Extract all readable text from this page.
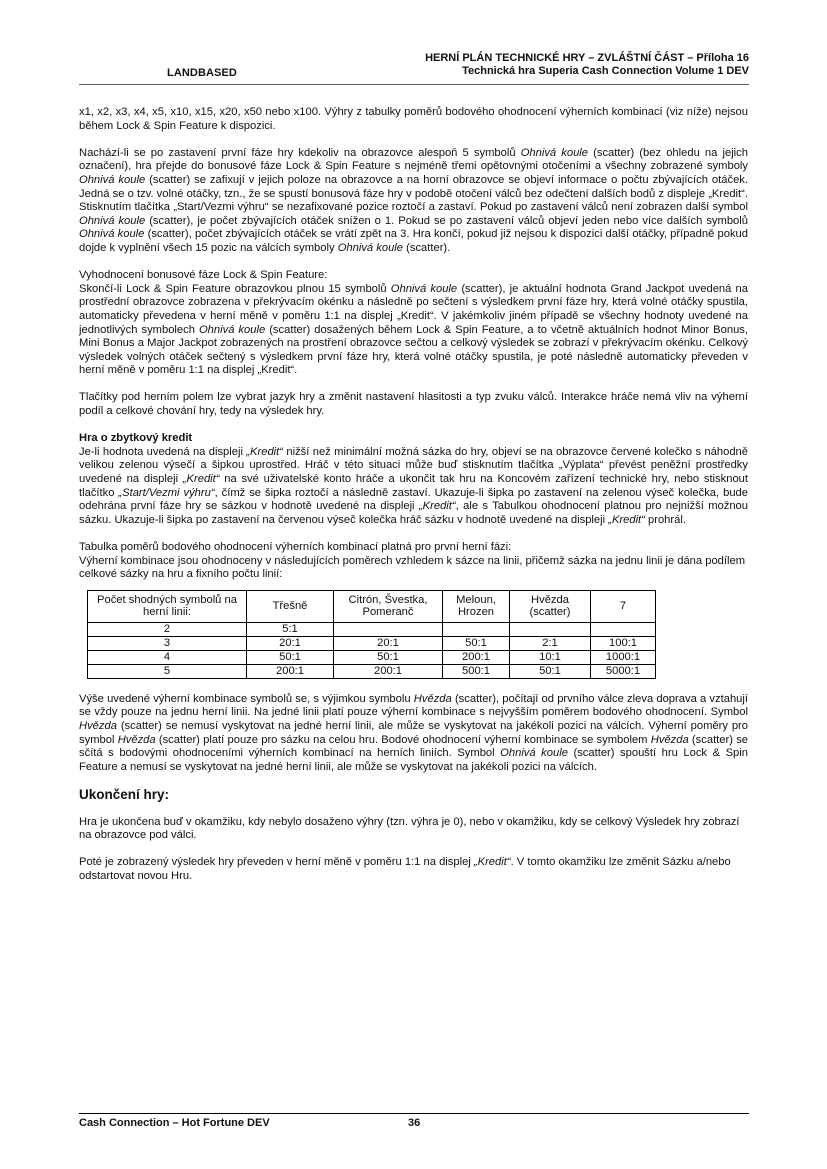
LANDBASED
HERNÍ PLÁN TECHNICKÉ HRY – ZVLÁŠTNÍ ČÁST – Příloha 16
Technická hra Superia Cash Connection Volume 1 DEV

x1, x2, x3, x4, x5, x10, x15, x20, x50 nebo x100. Výhry z tabulky poměrů bodového ohodnocení výherních kombinací (viz níže) nejsou během Lock & Spin Feature k dispozici.

Nachází-li se po zastavení první fáze hry kdekoliv na obrazovce alespoň 5 symbolů Ohnivá koule (scatter) (bez ohledu na jejich označení), hra přejde do bonusové fáze Lock & Spin Feature s nejméně třemi opětovnými otočeními a všechny zobrazené symboly Ohnivá koule (scatter) se zafixují v jejich poloze na obrazovce a na horní obrazovce se objeví informace o počtu zbývajících otáček. Jedná se o tzv. volné otáčky, tzn., že se spustí bonusová fáze hry v podobě otočení válců bez odečtení dalších bodů z displeje „Kredit“. Stisknutím tlačítka „Start/Vezmi výhru“ se nezafixované pozice roztočí a zastaví. Pokud po zastavení válců není zobrazen další symbol Ohnivá koule (scatter), je počet zbývajících otáček snížen o 1. Pokud se po zastavení válců objeví jeden nebo více dalších symbolů Ohnivá koule (scatter), počet zbývajících otáček se vrátí zpět na 3. Hra končí, pokud již nejsou k dispozici další otáčky, případně pokud dojde k vyplnění všech 15 pozic na válcích symboly Ohnivá koule (scatter).

Vyhodnocení bonusové fáze Lock & Spin Feature:
Skončí-li Lock & Spin Feature obrazovkou plnou 15 symbolů Ohnivá koule (scatter), je aktuální hodnota Grand Jackpot uvedená na prostřední obrazovce zobrazena v překrývacím okénku a následně po sečtení s výsledkem první fáze hry, která volné otáčky spustila, automaticky převedena v herní měně v poměru 1:1 na displej „Kredit“. V jakémkoliv jiném případě se všechny hodnoty uvedené na jednotlivých symbolech Ohnivá koule (scatter) dosažených během Lock & Spin Feature, a to včetně aktuálních hodnot Minor Bonus, Mini Bonus a Major Jackpot zobrazených na prostření obrazovce sečtou a celkový výsledek se zobrazí v překrývacím okénku. Celkový výsledek volných otáček sečtený s výsledkem první fáze hry, která volné otáčky spustila, je poté následně automaticky převeden v herní měně v poměru 1:1 na displej „Kredit“.

Tlačítky pod herním polem lze vybrat jazyk hry a změnit nastavení hlasitosti a typ zvuku válců. Interakce hráče nemá vliv na výherní podíl a celkové chování hry, tedy na výsledek hry.

Hra o zbytkový kredit
Je-li hodnota uvedená na displeji „Kredit“ nižší než minimální možná sázka do hry, objeví se na obrazovce červené kolečko s náhodně velikou zelenou výsečí a šipkou uprostřed. Hráč v této situaci může buď stisknutím tlačítka „Výplata“ převést peněžní prostředky uvedené na displeji „Kredit“ na své uživatelské konto hráče a ukončit tak hru na Koncovém zařízení technické hry, nebo stisknout tlačítko „Start/Vezmi výhru“, čímž se šipka roztočí a následně zastaví. Ukazuje-li šipka po zastavení na zelenou výseč kolečka, bude odehrána první fáze hry se sázkou v hodnotě uvedené na displeji „Kredit“, ale s Tabulkou ohodnocení platnou pro nejnižší možnou sázku. Ukazuje-li šipka po zastavení na červenou výseč kolečka hráč sázku v hodnotě uvedené na displeji „Kredit“ prohrál.

Tabulka poměrů bodového ohodnocení výherních kombinací platná pro první herní fázi:
Výherní kombinace jsou ohodnoceny v následujících poměrech vzhledem k sázce na linii, přičemž sázka na jednu linii je dána podílem celkové sázky na hru a fixního počtu linií:

Počet shodných symbolů na herní linii:	Třešně	Citrón, Švestka, Pomeranč	Meloun, Hrozen	Hvězda (scatter)	7
2	5:1				
3	20:1	20:1	50:1	2:1	100:1
4	50:1	50:1	200:1	10:1	1000:1
5	200:1	200:1	500:1	50:1	5000:1

Výše uvedené výherní kombinace symbolů se, s výjimkou symbolu Hvězda (scatter), počítají od prvního válce zleva doprava a vztahují se vždy pouze na jednu herní linii. Na jedné linii platí pouze výherní kombinace s nejvyšším poměrem bodového ohodnocení. Symbol Hvězda (scatter) se nemusí vyskytovat na jedné herní linii, ale může se vyskytovat na jakékoli pozici na válcích. Výherní poměry pro symbol Hvězda (scatter) platí pouze pro sázku na celou hru. Bodové ohodnocení výherní kombinace se symbolem Hvězda (scatter) se sčítá s bodovými ohodnoceními výherních kombinací na herních liniích. Symbol Ohnivá koule (scatter) spouští hru Lock & Spin Feature a nemusí se vyskytovat na jedné herní linii, ale může se vyskytovat na jakékoli pozici na válcích.

Ukončení hry:

Hra je ukončena buď v okamžiku, kdy nebylo dosaženo výhry (tzn. výhra je 0), nebo v okamžiku, kdy se celkový Výsledek hry zobrazí na obrazovce pod válci.

Poté je zobrazený výsledek hry převeden v herní měně v poměru 1:1 na displej „Kredit“. V tomto okamžiku lze změnit Sázku a/nebo odstartovat novou Hru.

Cash Connection – Hot Fortune DEV	36
